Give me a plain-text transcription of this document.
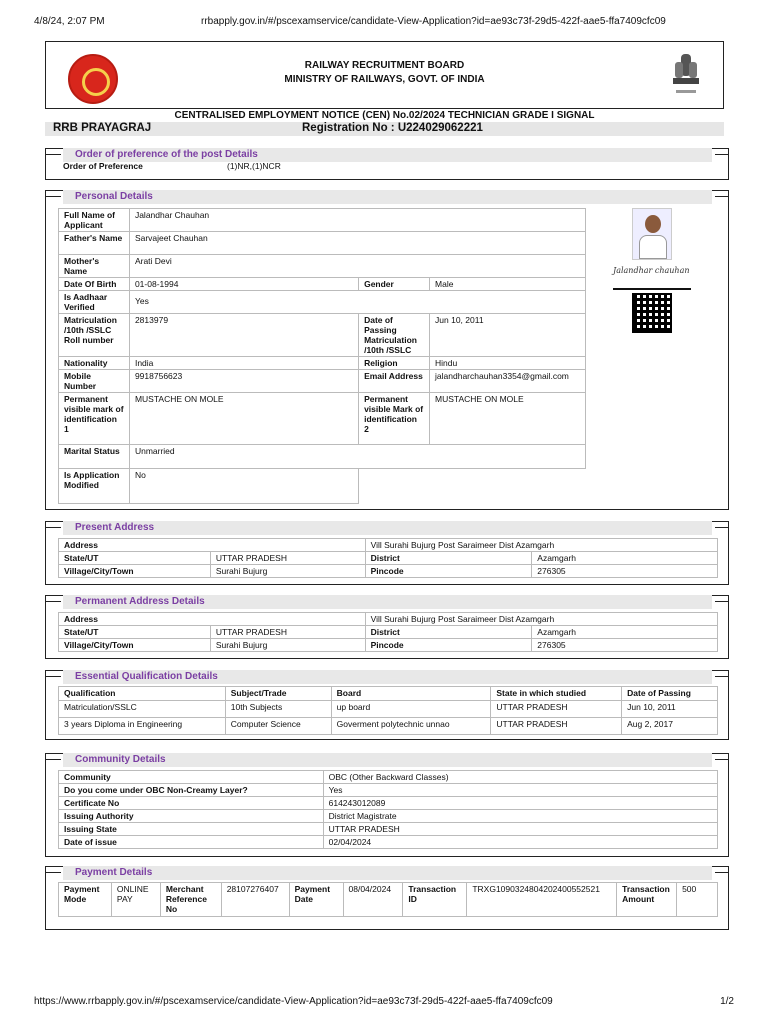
4/8/24, 2:07 PM	rrbapply.gov.in/#/pscexamservice/candidate-View-Application?id=ae93c73f-29d5-422f-aae5-ffa7409cfc09
RAILWAY RECRUITMENT BOARD
MINISTRY OF RAILWAYS, GOVT. OF INDIA
CENTRALISED EMPLOYMENT NOTICE (CEN) No.02/2024 TECHNICIAN GRADE I SIGNAL
RRB PRAYAGRAJ	Registration No : U224029062221
Order of preference of the post Details
Order of Preference	(1)NR,(1)NCR
Personal Details
Full Name of Applicant	Jalandhar Chauhan		
Father's Name	Sarvajeet Chauhan		
Mother's Name	Arati Devi		
Date Of Birth	01-08-1994	Gender	Male
Is Aadhaar Verified	Yes		
Matriculation /10th /SSLC Roll number	2813979	Date of Passing Matriculation /10th /SSLC	Jun 10, 2011
Nationality	India	Religion	Hindu
Mobile Number	9918756623	Email Address	jalandharchauhan3354@gmail.com
Permanent visible mark of identification 1	MUSTACHE ON MOLE	Permanent visible Mark of identification 2	MUSTACHE ON MOLE
Marital Status	Unmarried		
Is Application Modified	No		
Jalandhar chauhan
Present Address
Address		Vill Surahi Bujurg Post Saraimeer Dist Azamgarh	
State/UT	UTTAR PRADESH	District	Azamgarh
Village/City/Town	Surahi Bujurg	Pincode	276305
Permanent Address Details
Address		Vill Surahi Bujurg Post Saraimeer Dist Azamgarh	
State/UT	UTTAR PRADESH	District	Azamgarh
Village/City/Town	Surahi Bujurg	Pincode	276305
Essential Qualification Details
Qualification	Subject/Trade	Board	State in which studied	Date of Passing
Matriculation/SSLC	10th Subjects	up board	UTTAR PRADESH	Jun 10, 2011
3 years Diploma in Engineering	Computer Science	Goverment polytechnic unnao	UTTAR PRADESH	Aug 2, 2017
Community Details
Community	OBC (Other Backward Classes)
Do you come under OBC Non-Creamy Layer?	Yes
Certificate No	614243012089
Issuing Authority	District Magistrate
Issuing State	UTTAR PRADESH
Date of issue	02/04/2024
Payment Details
Payment Mode	ONLINE PAY	Merchant Reference No	28107276407	Payment Date	08/04/2024	Transaction ID	TRXG109032480420240055252​1	Transaction Amount	500
https://www.rrbapply.gov.in/#/pscexamservice/candidate-View-Application?id=ae93c73f-29d5-422f-aae5-ffa7409cfc09	1/2
